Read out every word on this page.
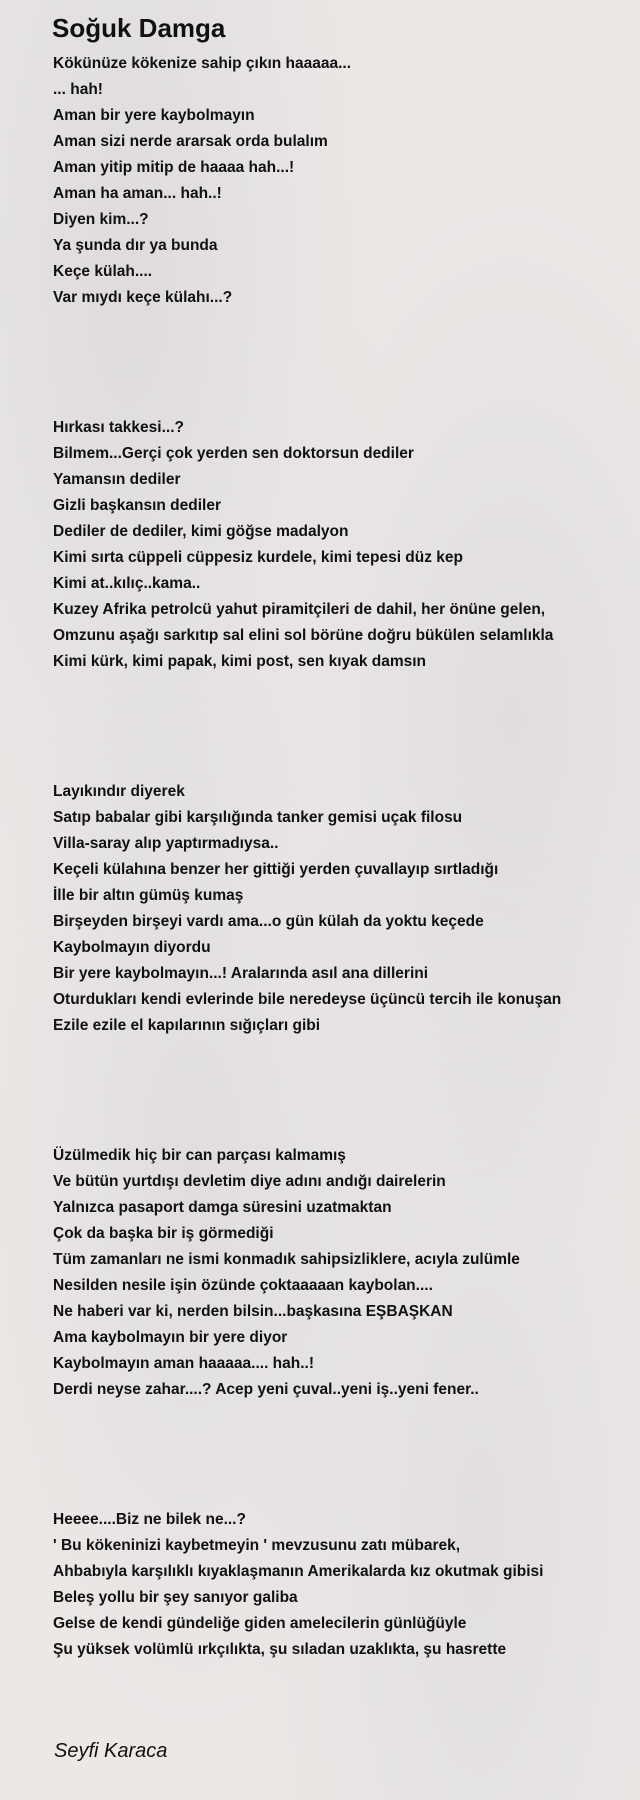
Soğuk Damga
Kökünüze kökenize sahip çıkın haaaaa...
... hah!
Aman bir yere kaybolmayın
Aman sizi nerde ararsak orda bulalım
Aman yitip mitip de haaaa hah...!
Aman ha aman... hah..!
Diyen kim...?
Ya şunda dır ya bunda
Keçe külah....
Var mıydı keçe külahı...?
Hırkası takkesi...?
Bilmem...Gerçi çok yerden sen doktorsun dediler
Yamansın dediler
Gizli başkansın dediler
Dediler de dediler, kimi göğse madalyon
Kimi sırta cüppeli cüppesiz kurdele, kimi tepesi düz kep
Kimi at..kılıç..kama..
Kuzey Afrika petrolcü yahut piramitçileri de dahil, her önüne gelen,
Omzunu aşağı sarkıtıp sal elini sol börüne doğru bükülen selamlıkla
Kimi kürk, kimi papak, kimi post, sen kıyak damsın
Layıkındır diyerek
Satıp babalar gibi karşılığında tanker gemisi uçak filosu
Villa-saray alıp yaptırmadıysa..
Keçeli külahına benzer her gittiği yerden çuvallayıp sırtladığı
İlle bir altın gümüş kumaş
Birşeyden birşeyi vardı ama...o gün külah da yoktu keçede
Kaybolmayın diyordu
Bir yere kaybolmayın...! Aralarında asıl ana dillerini
Oturdukları kendi evlerinde bile neredeyse üçüncü tercih ile konuşan
Ezile ezile el kapılarının sığıçları gibi
Üzülmedik hiç bir can parçası kalmamış
Ve bütün yurtdışı devletim diye adını andığı dairelerin
Yalnızca pasaport damga süresini uzatmaktan
Çok da başka bir iş görmediği
Tüm zamanları ne ismi konmadık sahipsizliklere, acıyla zulümle
Nesilden nesile işin özünde çoktaaaaan kaybolan....
Ne haberi var ki, nerden bilsin...başkasına EŞBAŞKAN
Ama kaybolmayın bir yere diyor
Kaybolmayın aman haaaaa.... hah..!
Derdi neyse zahar....? Acep yeni çuval..yeni iş..yeni fener..
Heeee....Biz ne bilek ne...?
' Bu kökeninizi kaybetmeyin ' mevzusunu zatı mübarek,
Ahbabıyla karşılıklı kıyaklaşmanın Amerikalarda kız okutmak gibisi
Beleş yollu bir şey sanıyor galiba
Gelse de kendi gündeliğe giden amelecilerin günlüğüyle
Şu yüksek volümlü ırkçılıkta, şu sıladan uzaklıkta, şu hasrette
Seyfi Karaca
